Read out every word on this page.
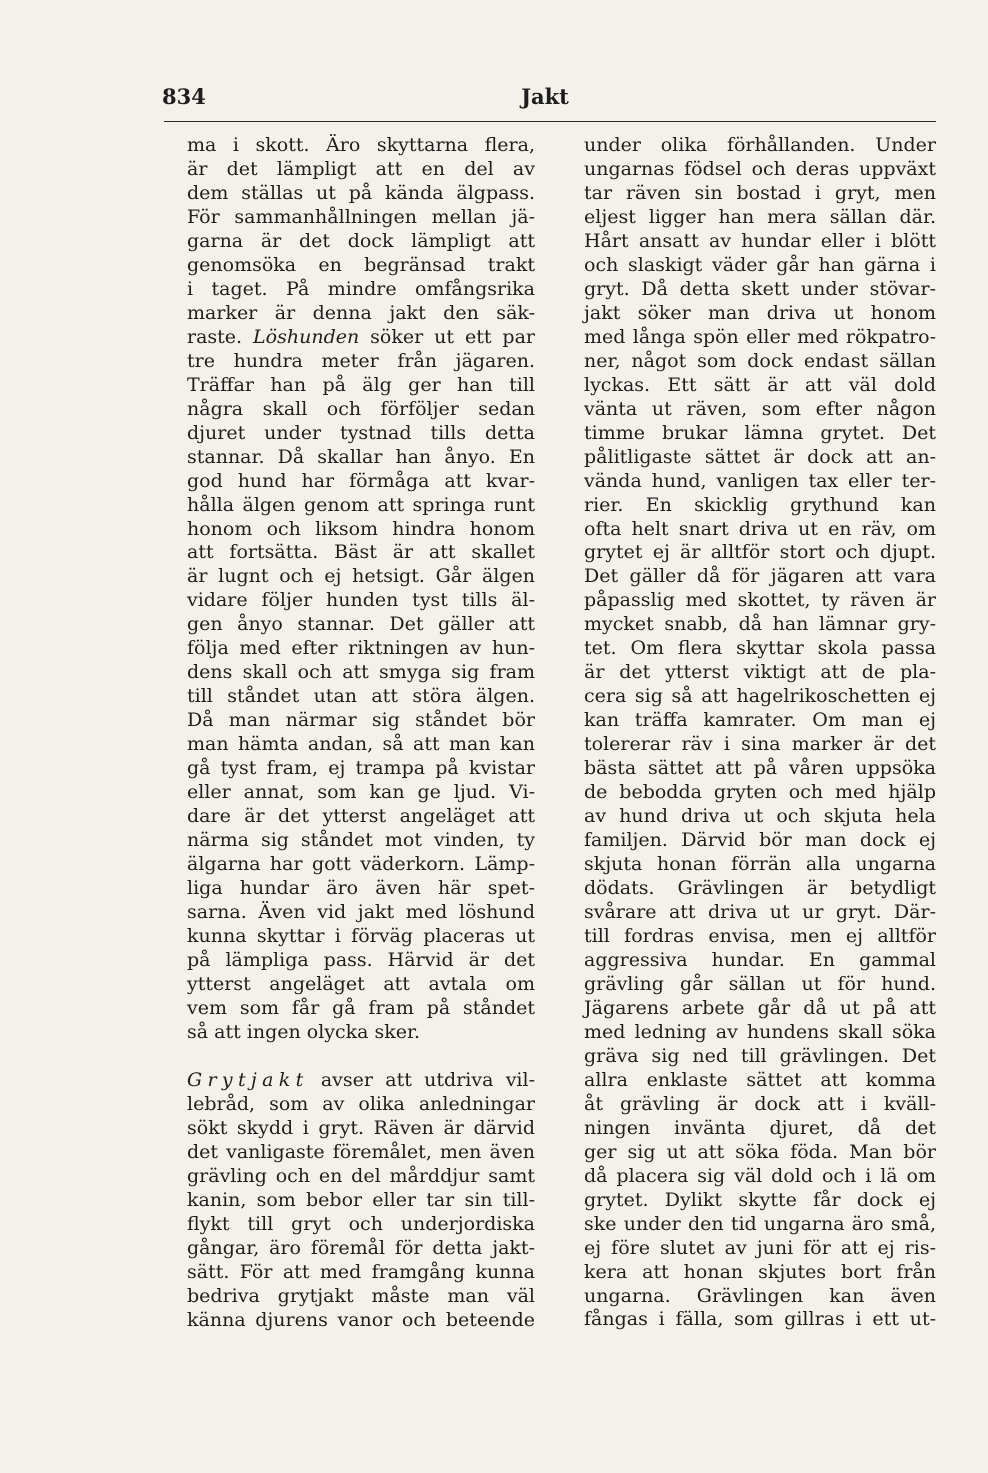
834	Jakt
ma i skott. Äro skyttarna flera,
är det lämpligt att en del av
dem ställas ut på kända älgpass.
För sammanhållningen mellan jä-
garna är det dock lämpligt att
genomsöka en begränsad trakt
i taget. På mindre omfångsrika
marker är denna jakt den säk-
raste. Löshunden söker ut ett par
tre hundra meter från jägaren.
Träffar han på älg ger han till
några skall och förföljer sedan
djuret under tystnad tills detta
stannar. Då skallar han ånyo. En
god hund har förmåga att kvar-
hålla älgen genom att springa runt
honom och liksom hindra honom
att fortsätta. Bäst är att skallet
är lugnt och ej hetsigt. Går älgen
vidare följer hunden tyst tills äl-
gen ånyo stannar. Det gäller att
följa med efter riktningen av hun-
dens skall och att smyga sig fram
till ståndet utan att störa älgen.
Då man närmar sig ståndet bör
man hämta andan, så att man kan
gå tyst fram, ej trampa på kvistar
eller annat, som kan ge ljud. Vi-
dare är det ytterst angeläget att
närma sig ståndet mot vinden, ty
älgarna har gott väderkorn. Lämp-
liga hundar äro även här spet-
sarna. Även vid jakt med löshund
kunna skyttar i förväg placeras ut
på lämpliga pass. Härvid är det
ytterst angeläget att avtala om
vem som får gå fram på ståndet
så att ingen olycka sker.
Grytjakt avser att utdriva vil-
lebråd, som av olika anledningar
sökt skydd i gryt. Räven är därvid
det vanligaste föremålet, men även
grävling och en del mårddjur samt
kanin, som bebor eller tar sin till-
flykt till gryt och underjordiska
gångar, äro föremål för detta jakt-
sätt. För att med framgång kunna
bedriva grytjakt måste man väl
känna djurens vanor och beteende
under olika förhållanden. Under
ungarnas födsel och deras uppväxt
tar räven sin bostad i gryt, men
eljest ligger han mera sällan där.
Hårt ansatt av hundar eller i blött
och slaskigt väder går han gärna i
gryt. Då detta skett under stövar-
jakt söker man driva ut honom
med långa spön eller med rökpatro-
ner, något som dock endast sällan
lyckas. Ett sätt är att väl dold
vänta ut räven, som efter någon
timme brukar lämna grytet. Det
pålitligaste sättet är dock att an-
vända hund, vanligen tax eller ter-
rier. En skicklig grythund kan
ofta helt snart driva ut en räv, om
grytet ej är alltför stort och djupt.
Det gäller då för jägaren att vara
påpasslig med skottet, ty räven är
mycket snabb, då han lämnar gry-
tet. Om flera skyttar skola passa
är det ytterst viktigt att de pla-
cera sig så att hagelrikoschetten ej
kan träffa kamrater. Om man ej
tolererar räv i sina marker är det
bästa sättet att på våren uppsöka
de bebodda gryten och med hjälp
av hund driva ut och skjuta hela
familjen. Därvid bör man dock ej
skjuta honan förrän alla ungarna
dödats. Grävlingen är betydligt
svårare att driva ut ur gryt. Där-
till fordras envisa, men ej alltför
aggressiva hundar. En gammal
grävling går sällan ut för hund.
Jägarens arbete går då ut på att
med ledning av hundens skall söka
gräva sig ned till grävlingen. Det
allra enklaste sättet att komma
åt grävling är dock att i kväll-
ningen invänta djuret, då det
ger sig ut att söka föda. Man bör
då placera sig väl dold och i lä om
grytet. Dylikt skytte får dock ej
ske under den tid ungarna äro små,
ej före slutet av juni för att ej ris-
kera att honan skjutes bort från
ungarna. Grävlingen kan även
fångas i fälla, som gillras i ett ut-
